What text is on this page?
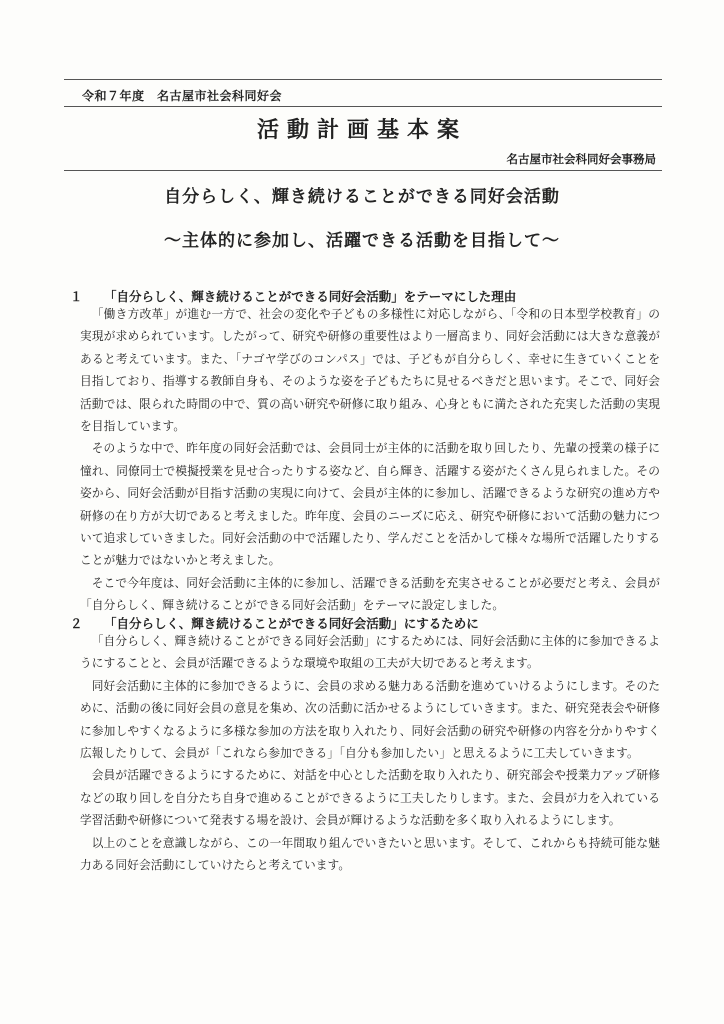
令和７年度　名古屋市社会科同好会
活動計画基本案
名古屋市社会科同好会事務局
自分らしく、輝き続けることができる同好会活動
〜主体的に参加し、活躍できる活動を目指して〜
１ 「自分らしく、輝き続けることができる同好会活動」をテーマにした理由

「働き方改革」が進む一方で、社会の変化や子どもの多様性に対応しながら、「令和の日本型学校教育」の実現が求められています。したがって、研究や研修の重要性はより一層高まり、同好会活動には大きな意義があると考えています。また、「ナゴヤ学びのコンパス」では、子どもが自分らしく、幸せに生きていくことを目指しており、指導する教師自身も、そのような姿を子どもたちに見せるべきだと思います。そこで、同好会活動では、限られた時間の中で、質の高い研究や研修に取り組み、心身ともに満たされた充実した活動の実現を目指しています。

そのような中で、昨年度の同好会活動では、会員同士が主体的に活動を取り回したり、先輩の授業の様子に憧れ、同僚同士で模擬授業を見せ合ったりする姿など、自ら輝き、活躍する姿がたくさん見られました。その姿から、同好会活動が目指す活動の実現に向けて、会員が主体的に参加し、活躍できるような研究の進め方や研修の在り方が大切であると考えました。昨年度、会員のニーズに応え、研究や研修において活動の魅力について追求していきました。同好会活動の中で活躍したり、学んだことを活かして様々な場所で活躍したりすることが魅力ではないかと考えました。

そこで今年度は、同好会活動に主体的に参加し、活躍できる活動を充実させることが必要だと考え、会員が「自分らしく、輝き続けることができる同好会活動」をテーマに設定しました。

２ 「自分らしく、輝き続けることができる同好会活動」にするために

「自分らしく、輝き続けることができる同好会活動」にするためには、同好会活動に主体的に参加できるようにすることと、会員が活躍できるような環境や取組の工夫が大切であると考えます。

同好会活動に主体的に参加できるように、会員の求める魅力ある活動を進めていけるようにします。そのために、活動の後に同好会員の意見を集め、次の活動に活かせるようにしていきます。また、研究発表会や研修に参加しやすくなるように多様な参加の方法を取り入れたり、同好会活動の研究や研修の内容を分かりやすく広報したりして、会員が「これなら参加できる」「自分も参加したい」と思えるように工夫していきます。

会員が活躍できるようにするために、対話を中心とした活動を取り入れたり、研究部会や授業力アップ研修などの取り回しを自分たち自身で進めることができるように工夫したりします。また、会員が力を入れている学習活動や研修について発表する場を設け、会員が輝けるような活動を多く取り入れるようにします。

以上のことを意識しながら、この一年間取り組んでいきたいと思います。そして、これからも持続可能な魅力ある同好会活動にしていけたらと考えています。
